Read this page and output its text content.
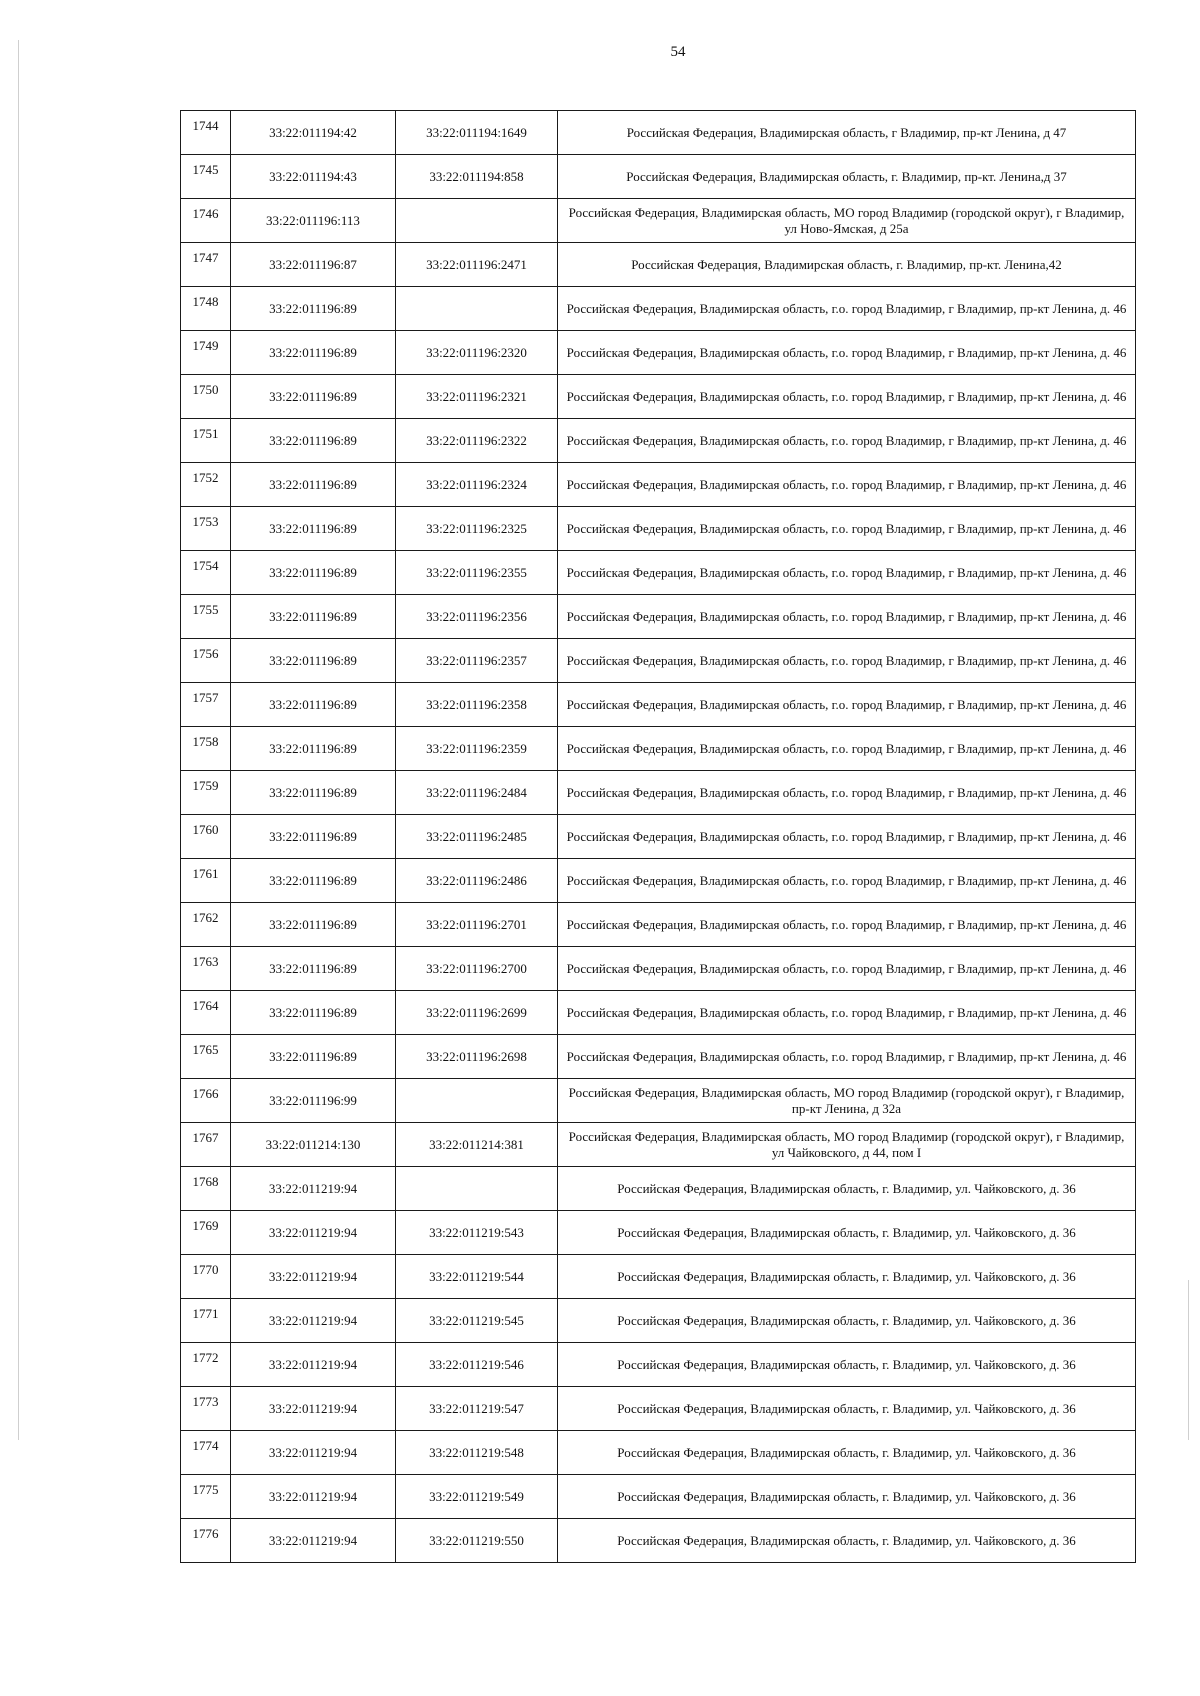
54
1744	33:22:011194:42	33:22:011194:1649	Российская Федерация, Владимирская область, г Владимир, пр-кт Ленина, д 47
1745	33:22:011194:43	33:22:011194:858	Российская Федерация, Владимирская область, г. Владимир, пр-кт. Ленина,д 37
1746	33:22:011196:113		Российская Федерация, Владимирская область, МО город Владимир (городской округ), г Владимир, ул Ново-Ямская, д 25а
1747	33:22:011196:87	33:22:011196:2471	Российская Федерация, Владимирская область, г. Владимир, пр-кт. Ленина,42
1748	33:22:011196:89		Российская Федерация, Владимирская область, г.о. город Владимир, г Владимир, пр-кт Ленина, д. 46
1749	33:22:011196:89	33:22:011196:2320	Российская Федерация, Владимирская область, г.о. город Владимир, г Владимир, пр-кт Ленина, д. 46
1750	33:22:011196:89	33:22:011196:2321	Российская Федерация, Владимирская область, г.о. город Владимир, г Владимир, пр-кт Ленина, д. 46
1751	33:22:011196:89	33:22:011196:2322	Российская Федерация, Владимирская область, г.о. город Владимир, г Владимир, пр-кт Ленина, д. 46
1752	33:22:011196:89	33:22:011196:2324	Российская Федерация, Владимирская область, г.о. город Владимир, г Владимир, пр-кт Ленина, д. 46
1753	33:22:011196:89	33:22:011196:2325	Российская Федерация, Владимирская область, г.о. город Владимир, г Владимир, пр-кт Ленина, д. 46
1754	33:22:011196:89	33:22:011196:2355	Российская Федерация, Владимирская область, г.о. город Владимир, г Владимир, пр-кт Ленина, д. 46
1755	33:22:011196:89	33:22:011196:2356	Российская Федерация, Владимирская область, г.о. город Владимир, г Владимир, пр-кт Ленина, д. 46
1756	33:22:011196:89	33:22:011196:2357	Российская Федерация, Владимирская область, г.о. город Владимир, г Владимир, пр-кт Ленина, д. 46
1757	33:22:011196:89	33:22:011196:2358	Российская Федерация, Владимирская область, г.о. город Владимир, г Владимир, пр-кт Ленина, д. 46
1758	33:22:011196:89	33:22:011196:2359	Российская Федерация, Владимирская область, г.о. город Владимир, г Владимир, пр-кт Ленина, д. 46
1759	33:22:011196:89	33:22:011196:2484	Российская Федерация, Владимирская область, г.о. город Владимир, г Владимир, пр-кт Ленина, д. 46
1760	33:22:011196:89	33:22:011196:2485	Российская Федерация, Владимирская область, г.о. город Владимир, г Владимир, пр-кт Ленина, д. 46
1761	33:22:011196:89	33:22:011196:2486	Российская Федерация, Владимирская область, г.о. город Владимир, г Владимир, пр-кт Ленина, д. 46
1762	33:22:011196:89	33:22:011196:2701	Российская Федерация, Владимирская область, г.о. город Владимир, г Владимир, пр-кт Ленина, д. 46
1763	33:22:011196:89	33:22:011196:2700	Российская Федерация, Владимирская область, г.о. город Владимир, г Владимир, пр-кт Ленина, д. 46
1764	33:22:011196:89	33:22:011196:2699	Российская Федерация, Владимирская область, г.о. город Владимир, г Владимир, пр-кт Ленина, д. 46
1765	33:22:011196:89	33:22:011196:2698	Российская Федерация, Владимирская область, г.о. город Владимир, г Владимир, пр-кт Ленина, д. 46
1766	33:22:011196:99		Российская Федерация, Владимирская область, МО город Владимир (городской округ), г Владимир, пр-кт Ленина, д 32а
1767	33:22:011214:130	33:22:011214:381	Российская Федерация, Владимирская область, МО город Владимир (городской округ), г Владимир, ул Чайковского, д 44, пом I
1768	33:22:011219:94		Российская Федерация, Владимирская область, г. Владимир, ул. Чайковского, д. 36
1769	33:22:011219:94	33:22:011219:543	Российская Федерация, Владимирская область, г. Владимир, ул. Чайковского, д. 36
1770	33:22:011219:94	33:22:011219:544	Российская Федерация, Владимирская область, г. Владимир, ул. Чайковского, д. 36
1771	33:22:011219:94	33:22:011219:545	Российская Федерация, Владимирская область, г. Владимир, ул. Чайковского, д. 36
1772	33:22:011219:94	33:22:011219:546	Российская Федерация, Владимирская область, г. Владимир, ул. Чайковского, д. 36
1773	33:22:011219:94	33:22:011219:547	Российская Федерация, Владимирская область, г. Владимир, ул. Чайковского, д. 36
1774	33:22:011219:94	33:22:011219:548	Российская Федерация, Владимирская область, г. Владимир, ул. Чайковского, д. 36
1775	33:22:011219:94	33:22:011219:549	Российская Федерация, Владимирская область, г. Владимир, ул. Чайковского, д. 36
1776	33:22:011219:94	33:22:011219:550	Российская Федерация, Владимирская область, г. Владимир, ул. Чайковского, д. 36
